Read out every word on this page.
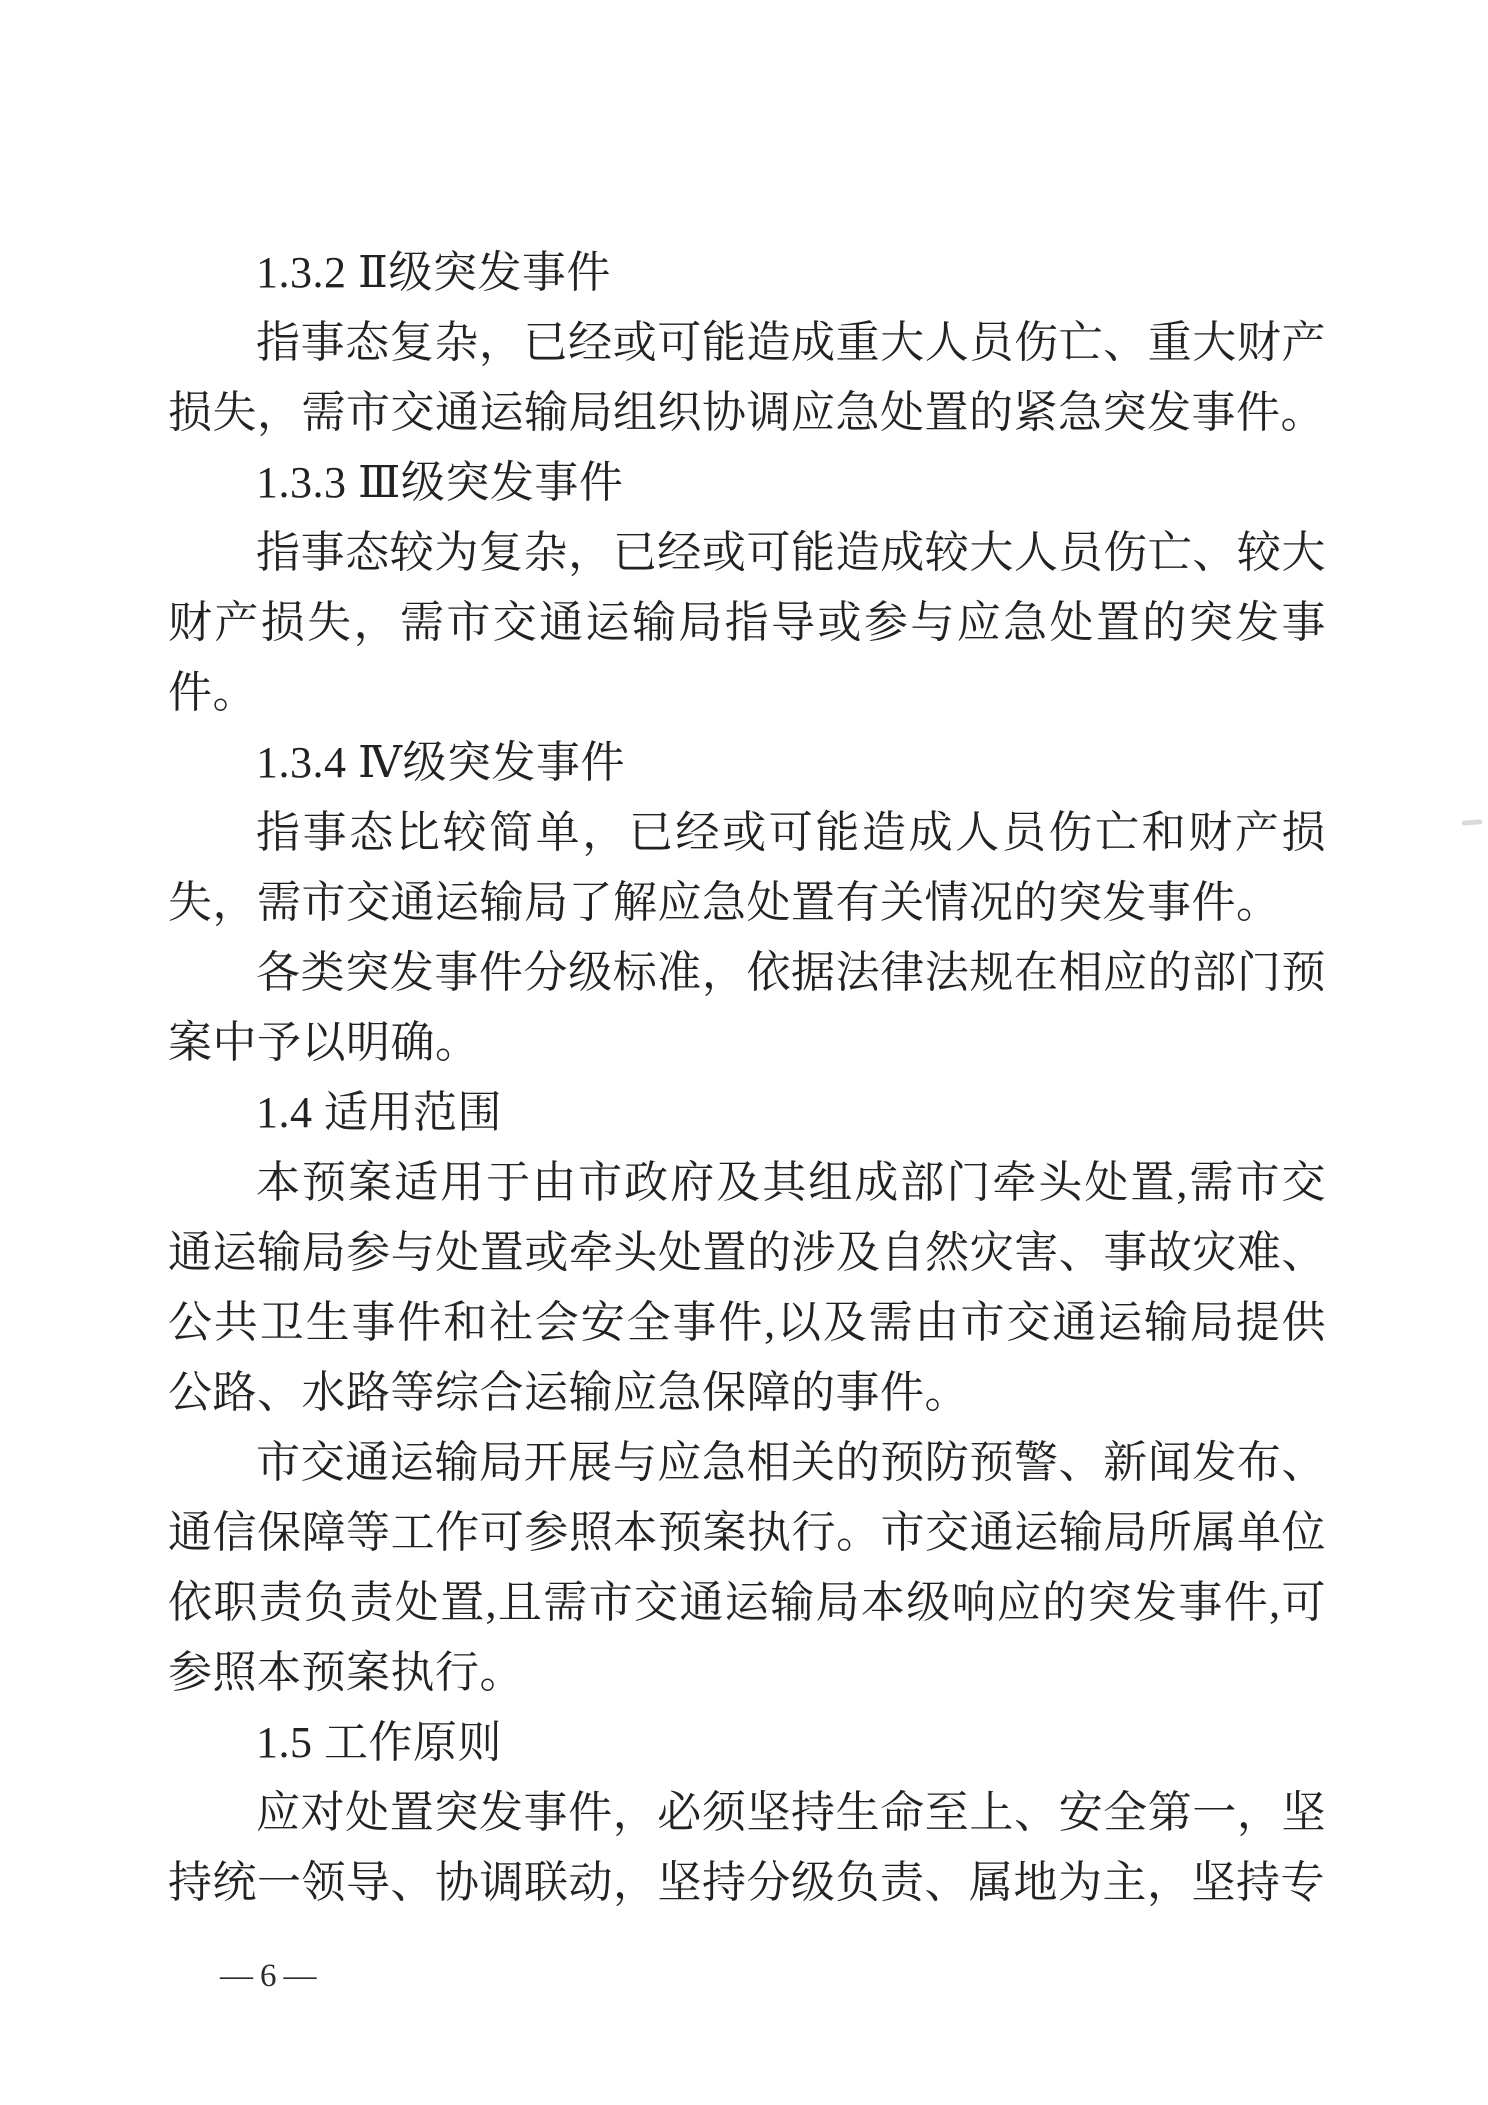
1.3.2 Ⅱ级突发事件

指事态复杂，已经或可能造成重大人员伤亡、重大财产损失，需市交通运输局组织协调应急处置的紧急突发事件。

1.3.3 Ⅲ级突发事件

指事态较为复杂，已经或可能造成较大人员伤亡、较大财产损失，需市交通运输局指导或参与应急处置的突发事件。

1.3.4 Ⅳ级突发事件

指事态比较简单，已经或可能造成人员伤亡和财产损失，需市交通运输局了解应急处置有关情况的突发事件。

各类突发事件分级标准，依据法律法规在相应的部门预案中予以明确。

1.4 适用范围

本预案适用于由市政府及其组成部门牵头处置,需市交通运输局参与处置或牵头处置的涉及自然灾害、事故灾难、公共卫生事件和社会安全事件,以及需由市交通运输局提供公路、水路等综合运输应急保障的事件。

市交通运输局开展与应急相关的预防预警、新闻发布、通信保障等工作可参照本预案执行。市交通运输局所属单位依职责负责处置,且需市交通运输局本级响应的突发事件,可参照本预案执行。

1.5 工作原则

应对处置突发事件，必须坚持生命至上、安全第一，坚持统一领导、协调联动，坚持分级负责、属地为主，坚持专

—6—
